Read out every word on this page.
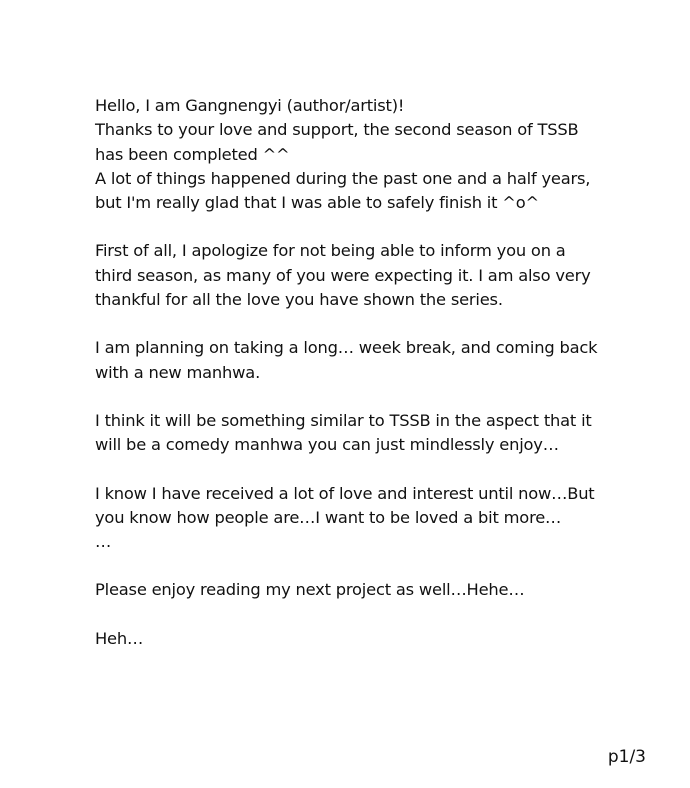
Hello, I am Gangnengyi (author/artist)!
Thanks to your love and support, the second season of TSSB
has been completed ^^
A lot of things happened during the past one and a half years,
but I'm really glad that I was able to safely finish it ^o^

First of all, I apologize for not being able to inform you on a
third season, as many of you were expecting it. I am also very
thankful for all the love you have shown the series.

I am planning on taking a long… week break, and coming back
with a new manhwa.

I think it will be something similar to TSSB in the aspect that it
will be a comedy manhwa you can just mindlessly enjoy…

I know I have received a lot of love and interest until now…But
you know how people are…I want to be loved a bit more…
…

Please enjoy reading my next project as well…Hehe…

Heh…

p1/3
